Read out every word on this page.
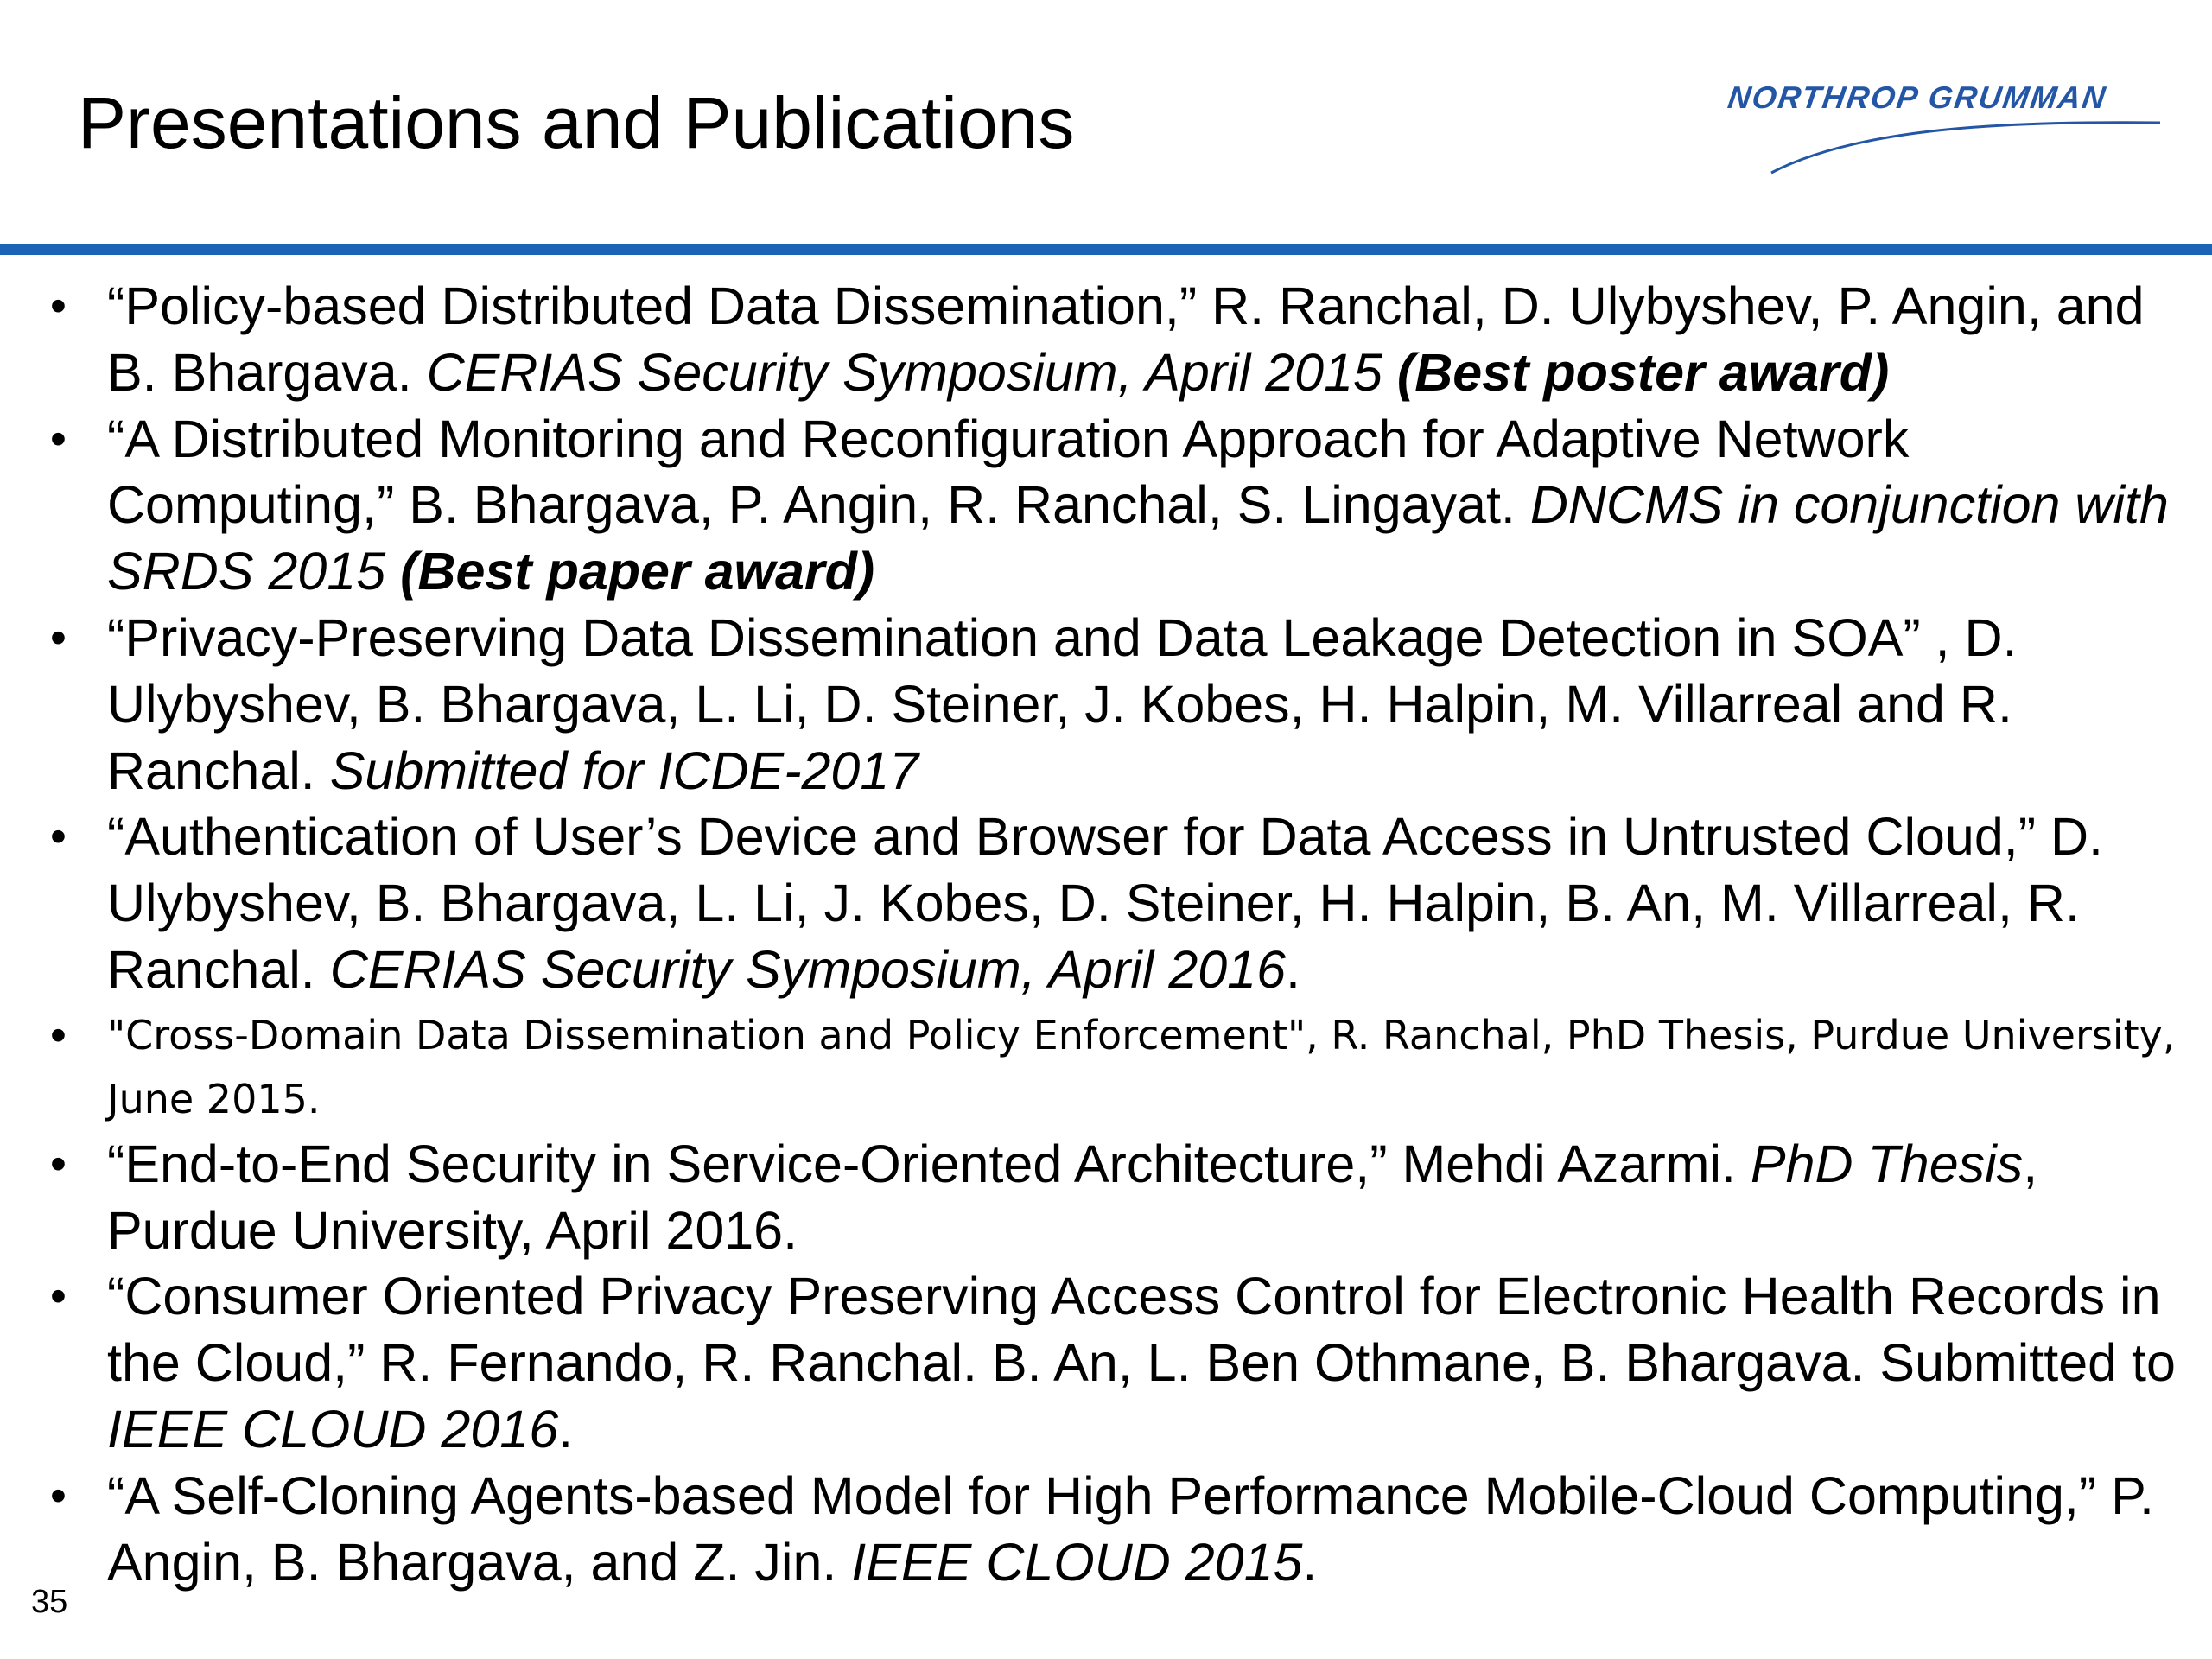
Presentations and Publications	NORTHROP GRUMMAN
• “Policy-based Distributed Data Dissemination,” R. Ranchal, D. Ulybyshev, P. Angin, and B. Bhargava. CERIAS Security Symposium, April 2015 (Best poster award)
• “A Distributed Monitoring and Reconfiguration Approach for Adaptive Network Computing,” B. Bhargava, P. Angin, R. Ranchal, S. Lingayat. DNCMS in conjunction with SRDS 2015 (Best paper award)
• “Privacy-Preserving Data Dissemination and Data Leakage Detection in SOA” , D. Ulybyshev, B. Bhargava, L. Li, D. Steiner, J. Kobes, H. Halpin, M. Villarreal and R. Ranchal. Submitted for ICDE-2017
• “Authentication of User’s Device and Browser for Data Access in Untrusted Cloud,” D. Ulybyshev, B. Bhargava, L. Li, J. Kobes, D. Steiner, H. Halpin, B. An, M. Villarreal, R. Ranchal. CERIAS Security Symposium, April 2016.
• "Cross-Domain Data Dissemination and Policy Enforcement", R. Ranchal, PhD Thesis, Purdue University, June 2015.
• “End-to-End Security in Service-Oriented Architecture,” Mehdi Azarmi. PhD Thesis, Purdue University, April 2016.
• “Consumer Oriented Privacy Preserving Access Control for Electronic Health Records in the Cloud,” R. Fernando, R. Ranchal. B. An, L. Ben Othmane, B. Bhargava. Submitted to IEEE CLOUD 2016.
• “A Self-Cloning Agents-based Model for High Performance Mobile-Cloud Computing,” P. Angin, B. Bhargava, and Z. Jin. IEEE CLOUD 2015.
35
